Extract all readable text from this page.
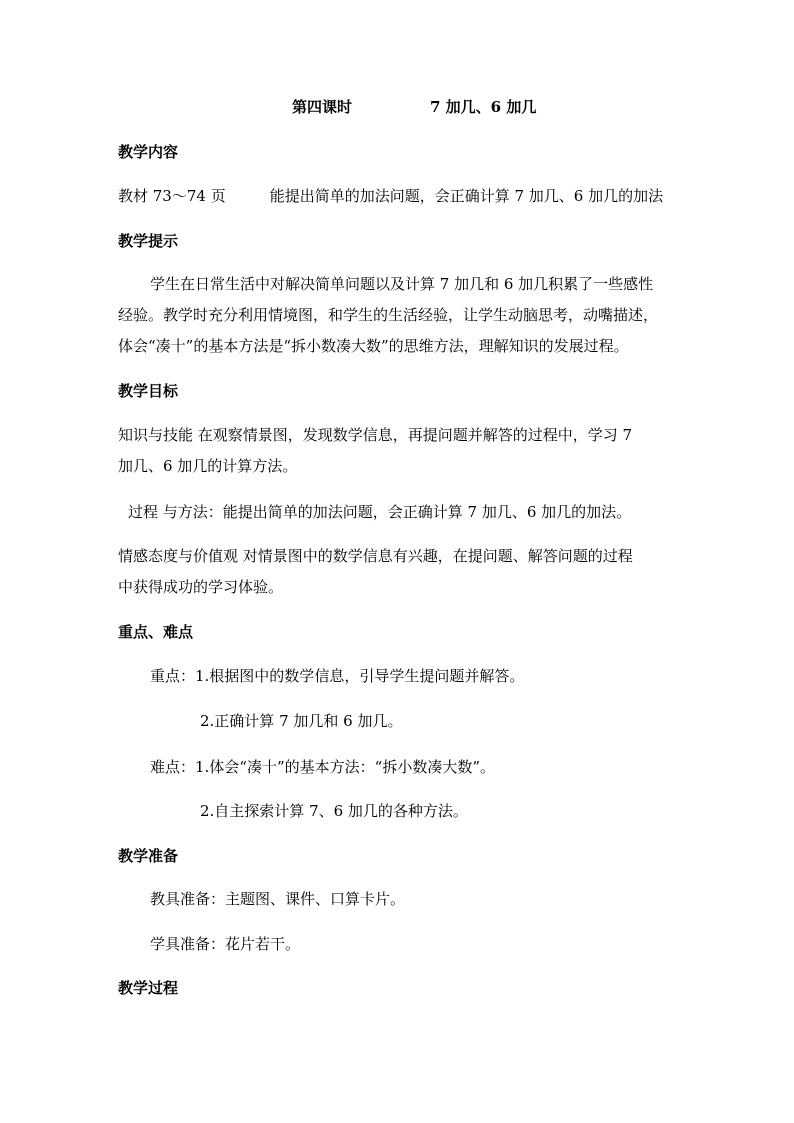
第四课时	7 加几、6 加几
教学内容
教材 73～74 页	能提出简单的加法问题，会正确计算 7 加几、6 加几的加法
教学提示
学生在日常生活中对解决简单问题以及计算 7 加几和 6 加几积累了一些感性
经验。教学时充分利用情境图，和学生的生活经验，让学生动脑思考，动嘴描述，
体会“凑十”的基本方法是“拆小数凑大数”的思维方法，理解知识的发展过程。
教学目标
知识与技能 在观察情景图，发现数学信息，再提问题并解答的过程中，学习 7
加几、6 加几的计算方法。
过程 与方法：能提出简单的加法问题，会正确计算 7 加几、6 加几的加法。
情感态度与价值观 对情景图中的数学信息有兴趣，在提问题、解答问题的过程
中获得成功的学习体验。
重点、难点
重点：1.根据图中的数学信息，引导学生提问题并解答。
2.正确计算 7 加几和 6 加几。
难点：1.体会“凑十”的基本方法：“拆小数凑大数”。
2.自主探索计算 7、6 加几的各种方法。
教学准备
教具准备：主题图、课件、口算卡片。
学具准备：花片若干。
教学过程
